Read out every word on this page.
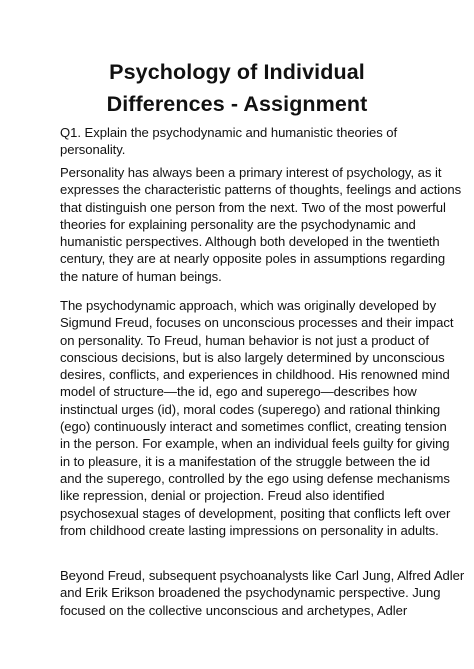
Psychology of Individual
Differences - Assignment
Q1. Explain the psychodynamic and humanistic theories of
personality.
Personality has always been a primary interest of psychology, as it
expresses the characteristic patterns of thoughts, feelings and actions
that distinguish one person from the next. Two of the most powerful
theories for explaining personality are the psychodynamic and
humanistic perspectives. Although both developed in the twentieth
century, they are at nearly opposite poles in assumptions regarding
the nature of human beings.
The psychodynamic approach, which was originally developed by
Sigmund Freud, focuses on unconscious processes and their impact
on personality. To Freud, human behavior is not just a product of
conscious decisions, but is also largely determined by unconscious
desires, conflicts, and experiences in childhood. His renowned mind
model of structure—the id, ego and superego—describes how
instinctual urges (id), moral codes (superego) and rational thinking
(ego) continuously interact and sometimes conflict, creating tension
in the person. For example, when an individual feels guilty for giving
in to pleasure, it is a manifestation of the struggle between the id
and the superego, controlled by the ego using defense mechanisms
like repression, denial or projection. Freud also identified
psychosexual stages of development, positing that conflicts left over
from childhood create lasting impressions on personality in adults.
Beyond Freud, subsequent psychoanalysts like Carl Jung, Alfred Adler
and Erik Erikson broadened the psychodynamic perspective. Jung
focused on the collective unconscious and archetypes, Adler
